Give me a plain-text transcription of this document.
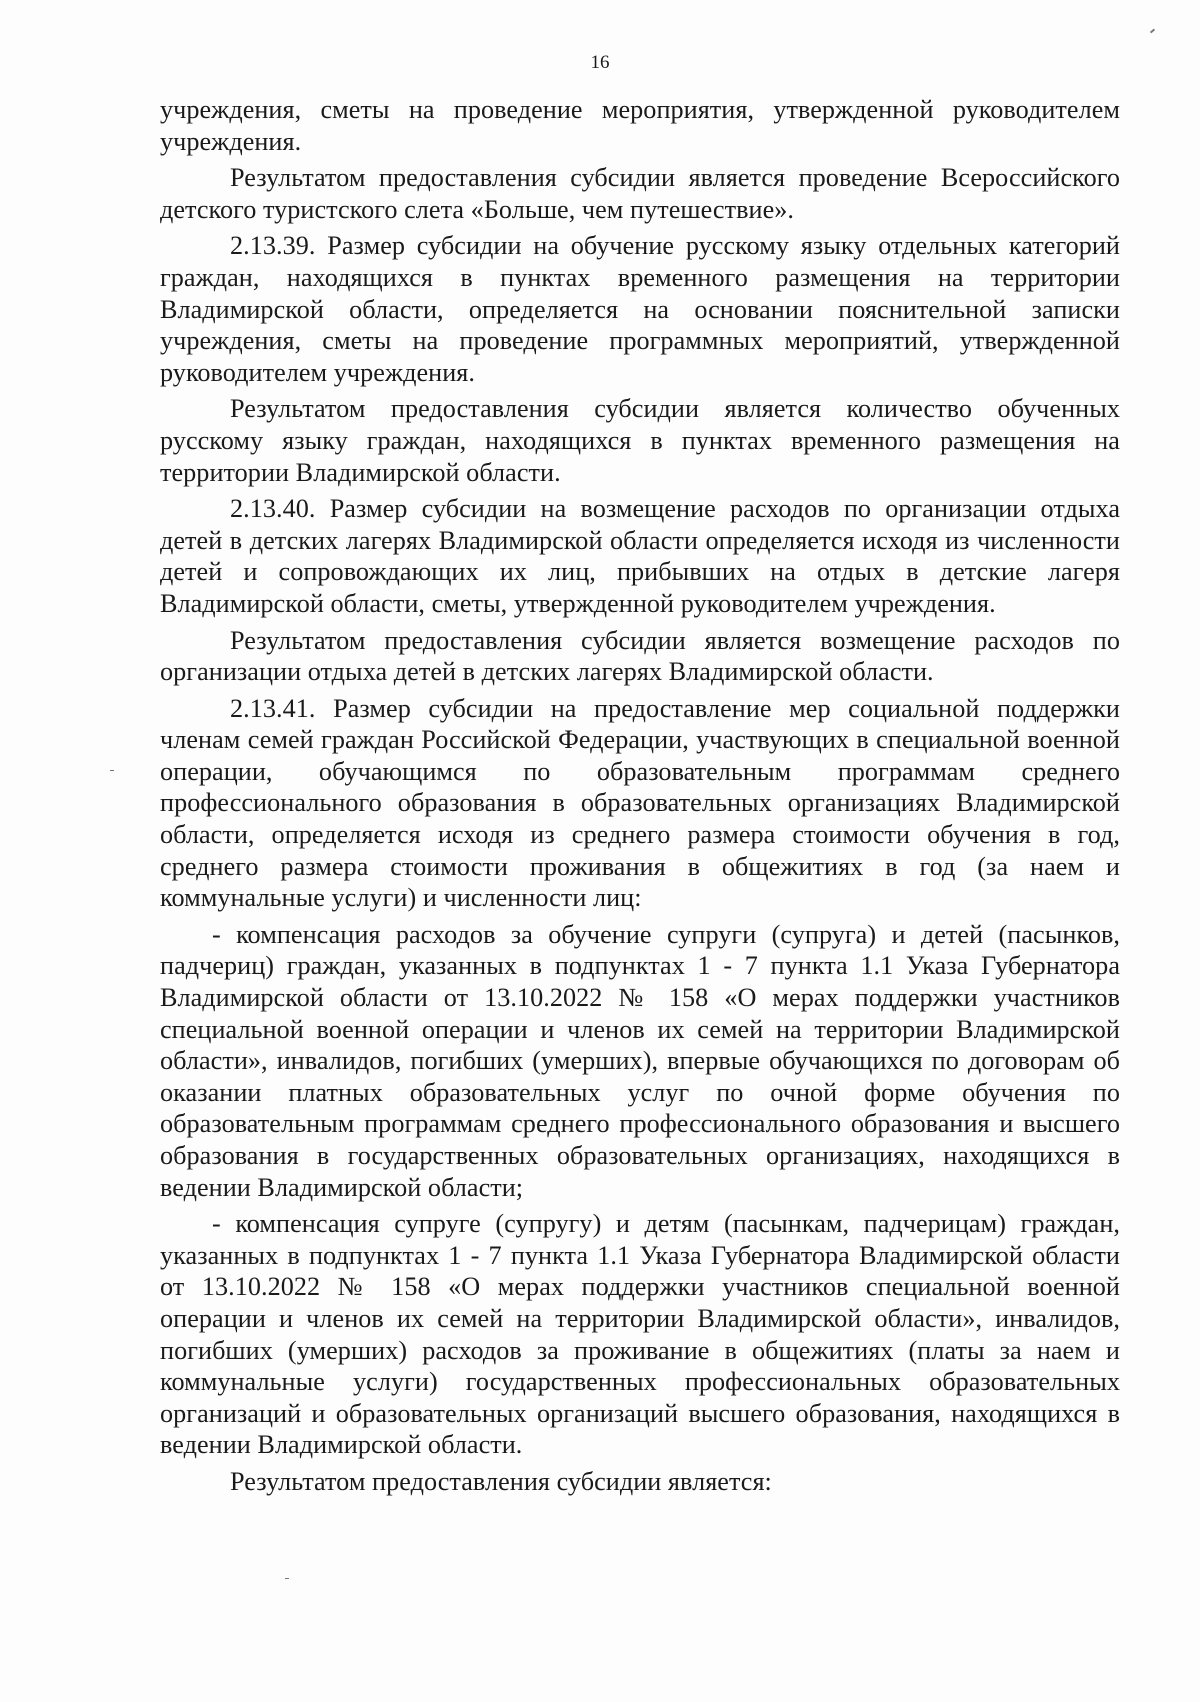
16

учреждения, сметы на проведение мероприятия, утвержденной руководителем учреждения.

Результатом предоставления субсидии является проведение Всероссийского детского туристского слета «Больше, чем путешествие».

2.13.39. Размер субсидии на обучение русскому языку отдельных категорий граждан, находящихся в пунктах временного размещения на территории Владимирской области, определяется на основании пояснительной записки учреждения, сметы на проведение программных мероприятий, утвержденной руководителем учреждения.

Результатом предоставления субсидии является количество обученных русскому языку граждан, находящихся в пунктах временного размещения на территории Владимирской области.

2.13.40. Размер субсидии на возмещение расходов по организации отдыха детей в детских лагерях Владимирской области определяется исходя из численности детей и сопровождающих их лиц, прибывших на отдых в детские лагеря Владимирской области, сметы, утвержденной руководителем учреждения.

Результатом предоставления субсидии является возмещение расходов по организации отдыха детей в детских лагерях Владимирской области.

2.13.41. Размер субсидии на предоставление мер социальной поддержки членам семей граждан Российской Федерации, участвующих в специальной военной операции, обучающимся по образовательным программам среднего профессионального образования в образовательных организациях Владимирской области, определяется исходя из среднего размера стоимости обучения в год, среднего размера стоимости проживания в общежитиях в год (за наем и коммунальные услуги) и численности лиц:

- компенсация расходов за обучение супруги (супруга) и детей (пасынков, падчериц) граждан, указанных в подпунктах 1 - 7 пункта 1.1 Указа Губернатора Владимирской области от 13.10.2022 № 158 «О мерах поддержки участников специальной военной операции и членов их семей на территории Владимирской области», инвалидов, погибших (умерших), впервые обучающихся по договорам об оказании платных образовательных услуг по очной форме обучения по образовательным программам среднего профессионального образования и высшего образования в государственных образовательных организациях, находящихся в ведении Владимирской области;

- компенсация супруге (супругу) и детям (пасынкам, падчерицам) граждан, указанных в подпунктах 1 - 7 пункта 1.1 Указа Губернатора Владимирской области от 13.10.2022 № 158 «О мерах поддержки участников специальной военной операции и членов их семей на территории Владимирской области», инвалидов, погибших (умерших) расходов за проживание в общежитиях (платы за наем и коммунальные услуги) государственных профессиональных образовательных организаций и образовательных организаций высшего образования, находящихся в ведении Владимирской области.

Результатом предоставления субсидии является:
